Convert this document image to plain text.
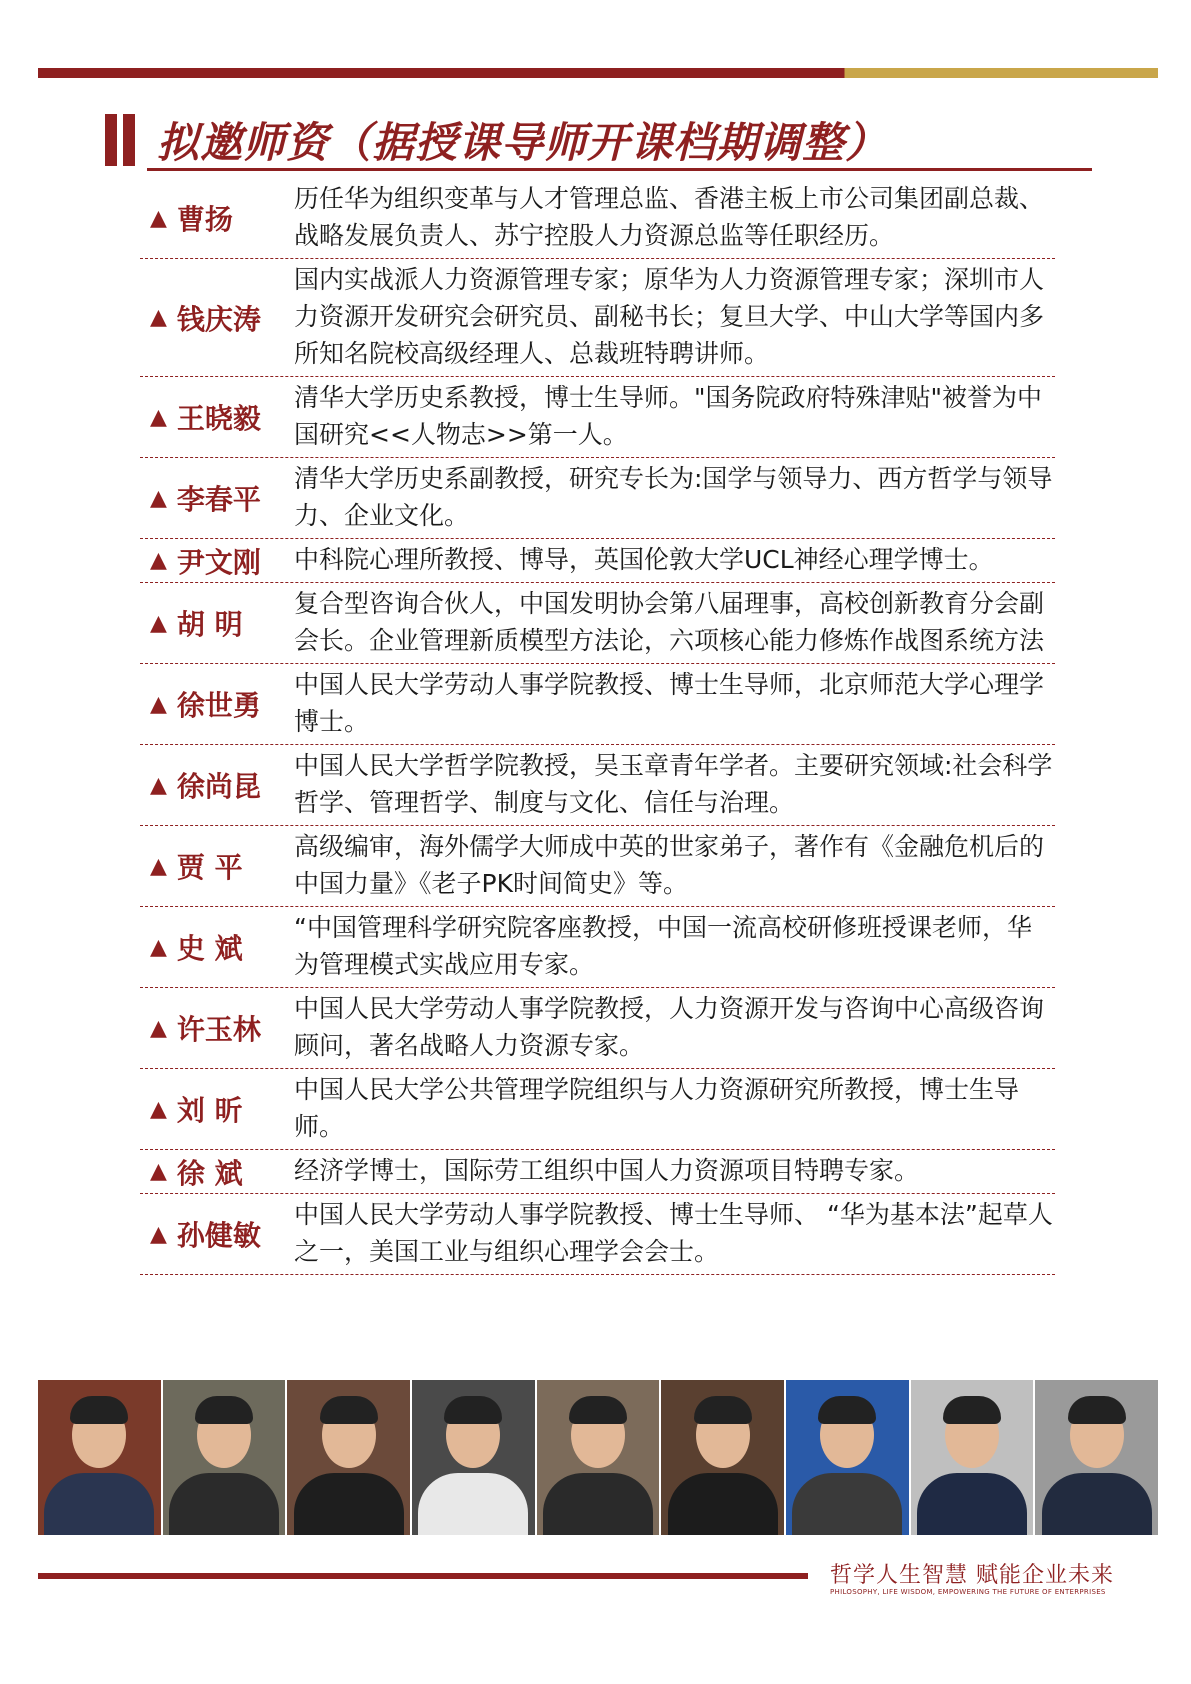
拟邀师资（据授课导师开课档期调整）
▲ 曹扬
历任华为组织变革与人才管理总监、香港主板上市公司集团副总裁、战略发展负责人、苏宁控股人力资源总监等任职经历。
▲ 钱庆涛
国内实战派人力资源管理专家；原华为人力资源管理专家；深圳市人力资源开发研究会研究员、副秘书长；复旦大学、中山大学等国内多所知名院校高级经理人、总裁班特聘讲师。
▲ 王晓毅
清华大学历史系教授，博士生导师。"国务院政府特殊津贴"被誉为中国研究<<人物志>>第一人。
▲ 李春平
清华大学历史系副教授，研究专长为:国学与领导力、西方哲学与领导力、企业文化。
▲ 尹文刚 中科院心理所教授、博导，英国伦敦大学UCL神经心理学博士。
▲ 胡 明
复合型咨询合伙人，中国发明协会第八届理事，高校创新教育分会副会长。企业管理新质模型方法论，六项核心能力修炼作战图系统方法
▲ 徐世勇
中国人民大学劳动人事学院教授、博士生导师，北京师范大学心理学博士。
▲ 徐尚昆
中国人民大学哲学院教授，吴玉章青年学者。主要研究领域:社会科学哲学、管理哲学、制度与文化、信任与治理。
▲ 贾 平
高级编审，海外儒学大师成中英的世家弟子，著作有《金融危机后的中国力量》《老子PK时间简史》等。
▲ 史 斌
“中国管理科学研究院客座教授，中国一流高校研修班授课老师，华为管理模式实战应用专家。
▲ 许玉林
中国人民大学劳动人事学院教授，人力资源开发与咨询中心高级咨询顾问，著名战略人力资源专家。
▲ 刘 昕
中国人民大学公共管理学院组织与人力资源研究所教授，博士生导师。
▲ 徐 斌 经济学博士，国际劳工组织中国人力资源项目特聘专家。
▲ 孙健敏
中国人民大学劳动人事学院教授、博士生导师、 “华为基本法”起草人之一，美国工业与组织心理学会会士。
哲学人生智慧 赋能企业未来
PHILOSOPHY, LIFE WISDOM, EMPOWERING THE FUTURE OF ENTERPRISES
